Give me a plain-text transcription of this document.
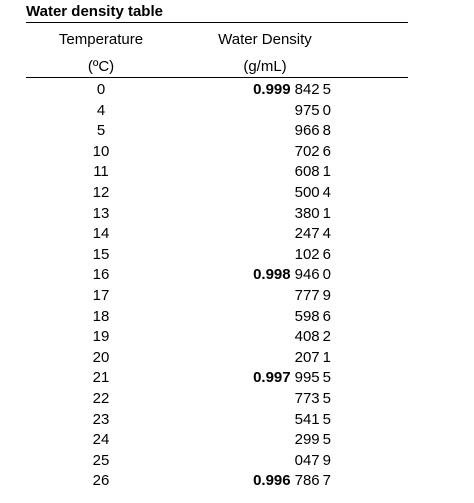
Water density table
Temperature
(ºC)
Water Density
(g/mL)
0	0.999 842 5
4	975 0
5	966 8
10	702 6
11	608 1
12	500 4
13	380 1
14	247 4
15	102 6
16	0.998 946 0
17	777 9
18	598 6
19	408 2
20	207 1
21	0.997 995 5
22	773 5
23	541 5
24	299 5
25	047 9
26	0.996 786 7
